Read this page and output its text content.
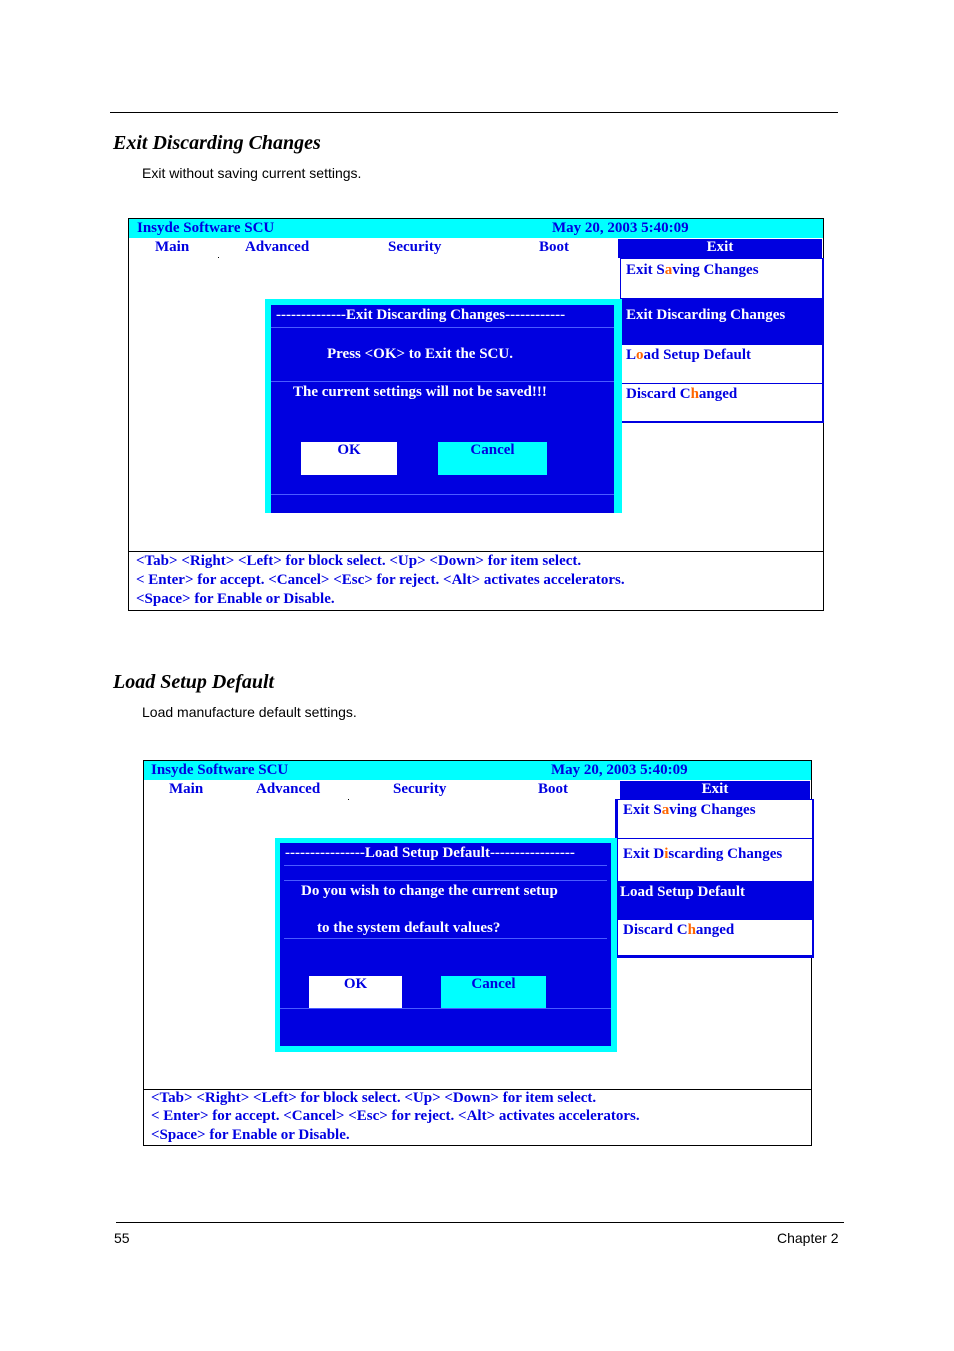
Exit Discarding Changes
Exit without saving current settings.
Insyde Software SCU	May 20, 2003 5:40:09
Main	Advanced	Security	Boot	Exit
Exit Saving Changes
Exit Discarding Changes
Load Setup Default
Discard Changed
--------------Exit Discarding Changes------------
Press <OK> to Exit the SCU.
The current settings will not be saved!!!
OK	Cancel
<Tab> <Right> <Left> for block select. <Up> <Down> for item select.
< Enter> for accept. <Cancel> <Esc> for reject. <Alt> activates accelerators.
<Space> for Enable or Disable.
Load Setup Default
Load manufacture default settings.
Insyde Software SCU	May 20, 2003 5:40:09
Main	Advanced	Security	Boot	Exit
Exit Saving Changes
Exit Discarding Changes
Load Setup Default
Discard Changed
----------------Load Setup Default-----------------
Do you wish to change the current setup
to the system default values?
OK	Cancel
<Tab> <Right> <Left> for block select. <Up> <Down> for item select.
< Enter> for accept. <Cancel> <Esc> for reject. <Alt> activates accelerators.
<Space> for Enable or Disable.
55	Chapter 2
